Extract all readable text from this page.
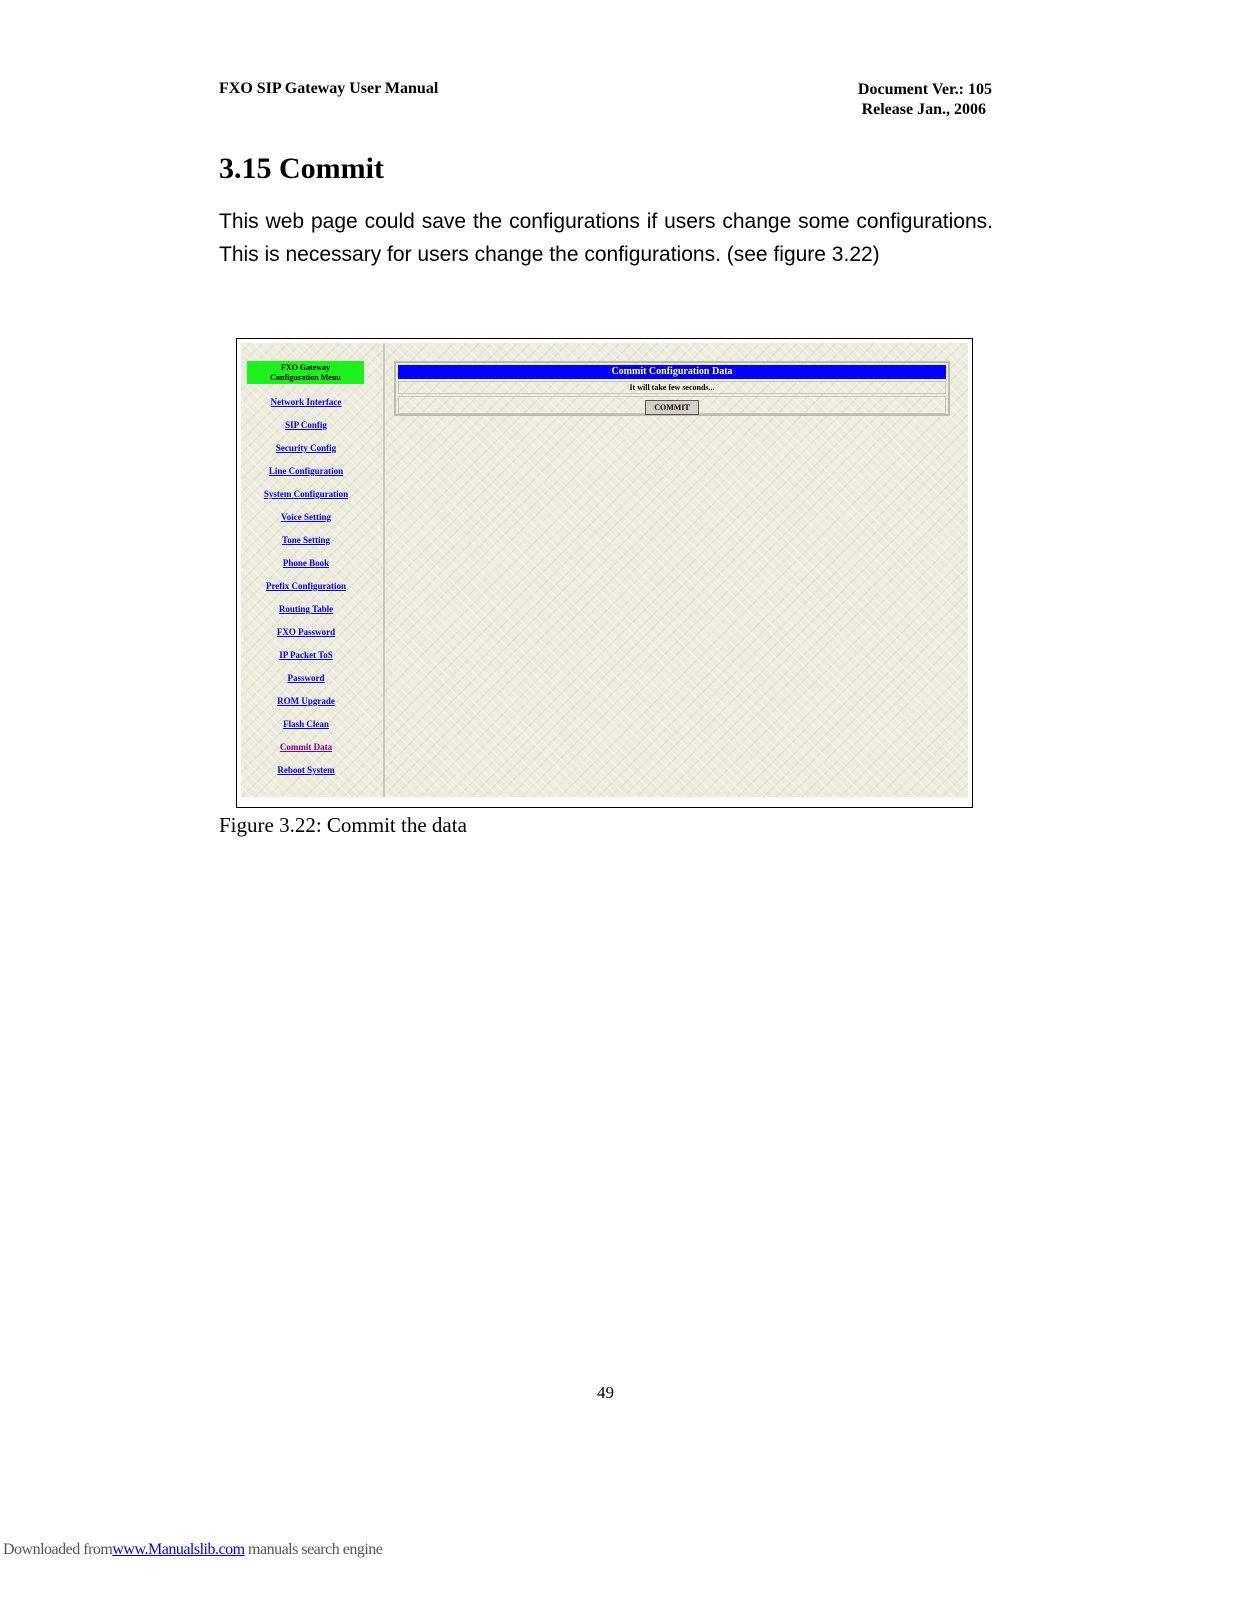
FXO SIP Gateway User Manual	Document Ver.: 105
Release Jan., 2006
3.15 Commit

This web page could save the configurations if users change some configurations. This is necessary for users change the configurations. (see figure 3.22)

FXO Gateway
Configuration Menu
Network Interface
SIP Config
Security Config
Line Configuration
System Configuration
Voice Setting
Tone Setting
Phone Book
Prefix Configuration
Routing Table
FXO Password
IP Packet ToS
Password
ROM Upgrade
Flash Clean
Commit Data
Reboot System
Commit Configuration Data
It will take few seconds...
COMMIT
Figure 3.22: Commit the data
49
Downloaded fromwww.Manualslib.com manuals search engine
